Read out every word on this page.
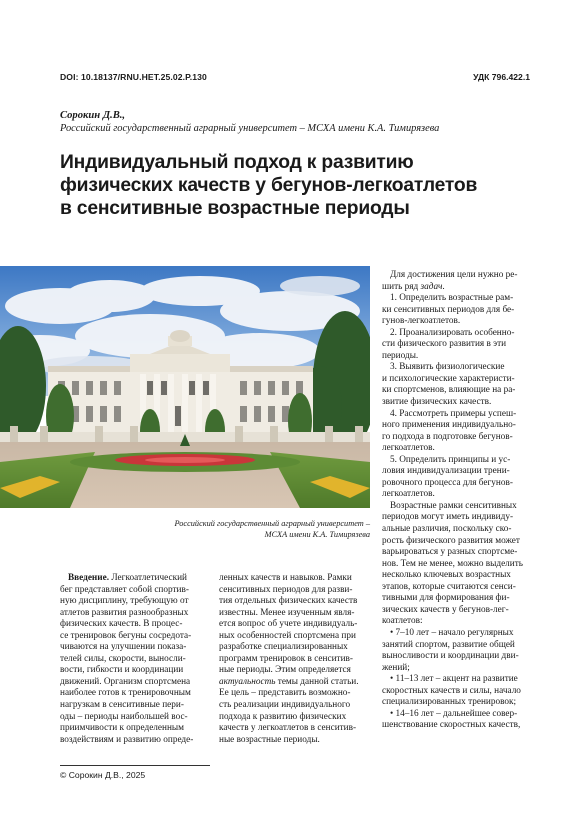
DOI: 10.18137/RNU.HET.25.02.P.130	УДК 796.422.1
Сорокин Д.В.,
Российский государственный аграрный университет – МСХА имени К.А. Тимирязева
Индивидуальный подход к развитию
физических качеств у бегунов-легкоатлетов
в сенситивные возрастные периоды
Российский государственный аграрный университет –
МСХА имени К.А. Тимирязева
Введение. Легкоатлетический
бег представляет собой спортив-
ную дисциплину, требующую от
атлетов развития разнообразных
физических качеств. В процес-
се тренировок бегуны сосредота-
чиваются на улучшении показа-
телей силы, скорости, выносли-
вости, гибкости и координации
движений. Организм спортсмена
наиболее готов к тренировочным
нагрузкам в сенситивные пери-
оды – периоды наибольшей вос-
приимчивости к определенным
воздействиям и развитию опреде-
ленных качеств и навыков. Рамки
сенситивных периодов для разви-
тия отдельных физических качеств
известны. Менее изученным явля-
ется вопрос об учете индивидуаль-
ных особенностей спортсмена при
разработке специализированных
программ тренировок в сенситив-
ные периоды. Этим определяется
актуальность темы данной статьи.
Ее цель – представить возможно-
сть реализации индивидуального
подхода к развитию физических
качеств у легкоатлетов в сенситив-
ные возрастные периоды.
Для достижения цели нужно ре-
шить ряд задач.
1. Определить возрастные рам-
ки сенситивных периодов для бе-
гунов-легкоатлетов.
2. Проанализировать особенно-
сти физического развития в эти
периоды.
3. Выявить физиологические
и психологические характеристи-
ки спортсменов, влияющие на ра-
звитие физических качеств.
4. Рассмотреть примеры успеш-
ного применения индивидуально-
го подхода в подготовке бегунов-
легкоатлетов.
5. Определить принципы и ус-
ловия индивидуализации трени-
ровочного процесса для бегунов-
легкоатлетов.
Возрастные рамки сенситивных
периодов могут иметь индивиду-
альные различия, поскольку ско-
рость физического развития может
варьироваться у разных спортсме-
нов. Тем не менее, можно выделить
несколько ключевых возрастных
этапов, которые считаются сенси-
тивными для формирования фи-
зических качеств у бегунов-лег-
коатлетов:
• 7–10 лет – начало регулярных
занятий спортом, развитие общей
выносливости и координации дви-
жений;
• 11–13 лет – акцент на развитие
скоростных качеств и силы, начало
специализированных тренировок;
• 14–16 лет – дальнейшее совер-
шенствование скоростных качеств,
© Сорокин Д.В., 2025
